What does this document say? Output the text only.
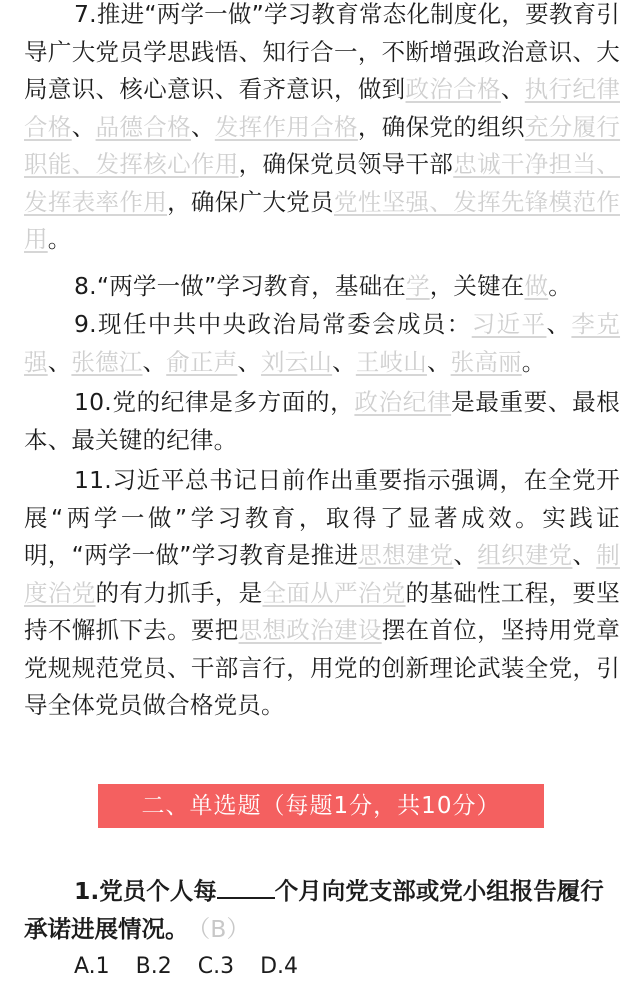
7.推进“两学一做”学习教育常态化制度化，要教育引导广大党员学思践悟、知行合一，不断增强政治意识、大局意识、核心意识、看齐意识，做到政治合格、执行纪律合格、品德合格、发挥作用合格，确保党的组织充分履行职能、发挥核心作用，确保党员领导干部忠诚干净担当、发挥表率作用，确保广大党员党性坚强、发挥先锋模范作用。

8.“两学一做”学习教育，基础在学，关键在做。

9.现任中共中央政治局常委会成员：习近平、李克强、张德江、俞正声、刘云山、王岐山、张高丽。

10.党的纪律是多方面的，政治纪律是最重要、最根本、最关键的纪律。

11.习近平总书记日前作出重要指示强调，在全党开展“两学一做”学习教育，取得了显著成效。实践证明，“两学一做”学习教育是推进思想建党、组织建党、制度治党的有力抓手，是全面从严治党的基础性工程，要坚持不懈抓下去。要把思想政治建设摆在首位，坚持用党章党规规范党员、干部言行，用党的创新理论武装全党，引导全体党员做合格党员。

二、单选题（每题1分，共10分）

1.党员个人每 个月向党支部或党小组报告履行承诺进展情况。 （B）

A.1 B.2 C.3 D.4
